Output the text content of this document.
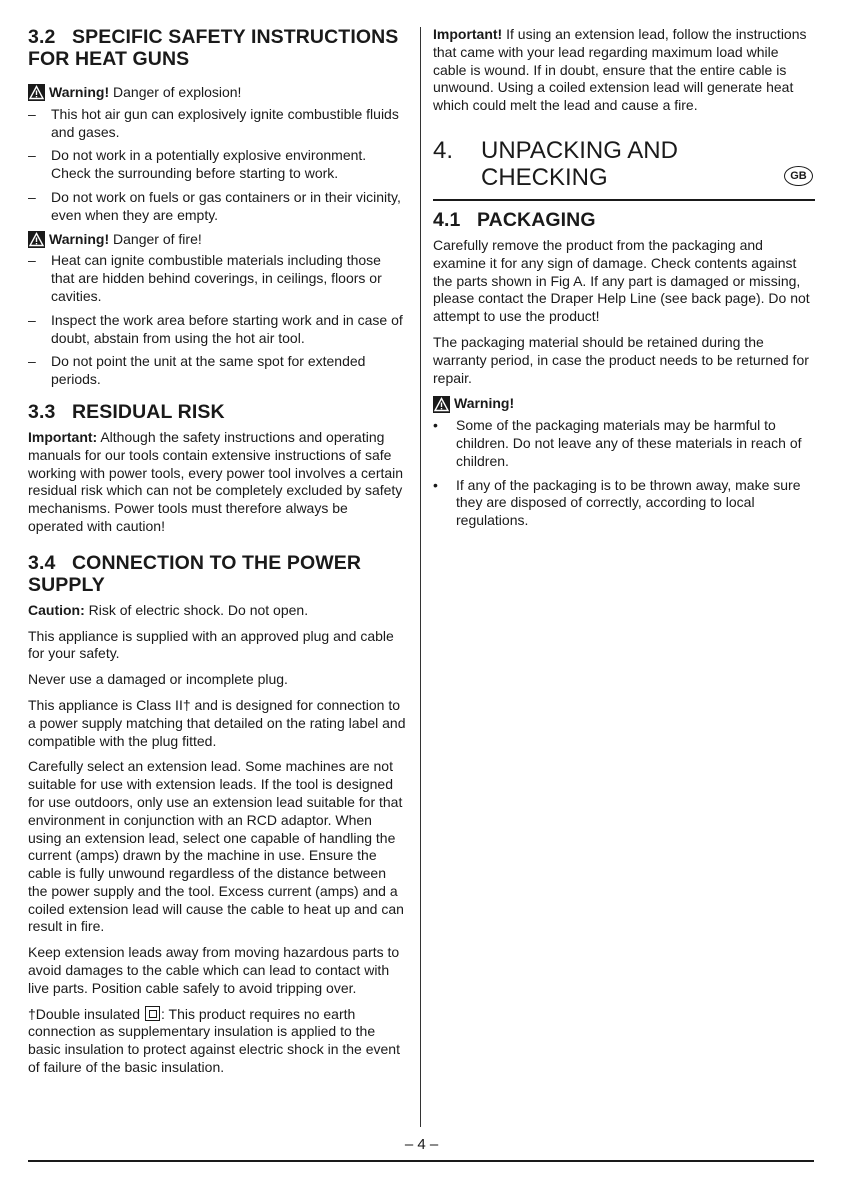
3.2 SPECIFIC SAFETY INSTRUCTIONS
FOR HEAT GUNS
Warning! Danger of explosion!
–	This hot air gun can explosively ignite combustible fluids and gases.
–	Do not work in a potentially explosive environment. Check the surrounding before starting to work.
–	Do not work on fuels or gas containers or in their vicinity, even when they are empty.
Warning! Danger of fire!
–	Heat can ignite combustible materials including those that are hidden behind coverings, in ceilings, floors or cavities.
–	Inspect the work area before starting work and in case of doubt, abstain from using the hot air tool.
–	Do not point the unit at the same spot for extended periods.
3.3 RESIDUAL RISK

Important: Although the safety instructions and operating manuals for our tools contain extensive instructions of safe working with power tools, every power tool involves a certain residual risk which can not be completely excluded by safety mechanisms. Power tools must therefore always be operated with caution!

3.4 CONNECTION TO THE POWER
SUPPLY

Caution: Risk of electric shock. Do not open.

This appliance is supplied with an approved plug and cable for your safety.

Never use a damaged or incomplete plug.

This appliance is Class II† and is designed for connection to a power supply matching that detailed on the rating label and compatible with the plug fitted.

Carefully select an extension lead. Some machines are not suitable for use with extension leads. If the tool is designed for use outdoors, only use an extension lead suitable for that environment in conjunction with an RCD adaptor. When using an extension lead, select one capable of handling the current (amps) drawn by the machine in use. Ensure the cable is fully unwound regardless of the distance between the power supply and the tool. Excess current (amps) and a coiled extension lead will cause the cable to heat up and can result in fire.

Keep extension leads away from moving hazardous parts to avoid damages to the cable which can lead to contact with live parts. Position cable safely to avoid tripping over.

†Double insulated : This product requires no earth connection as supplementary insulation is applied to the basic insulation to protect against electric shock in the event of failure of the basic insulation.

Important! If using an extension lead, follow the instructions that came with your lead regarding maximum load while cable is wound. If in doubt, ensure that the entire cable is unwound. Using a coiled extension lead will generate heat which could melt the lead and cause a fire.

4. UNPACKING AND
CHECKING	GB
4.1 PACKAGING

Carefully remove the product from the packaging and examine it for any sign of damage. Check contents against the parts shown in Fig A. If any part is damaged or missing, please contact the Draper Help Line (see back page). Do not attempt to use the product!

The packaging material should be retained during the warranty period, in case the product needs to be returned for repair.

Warning!
•	Some of the packaging materials may be harmful to children. Do not leave any of these materials in reach of children.
•	If any of the packaging is to be thrown away, make sure they are disposed of correctly, according to local regulations.
– 4 –
